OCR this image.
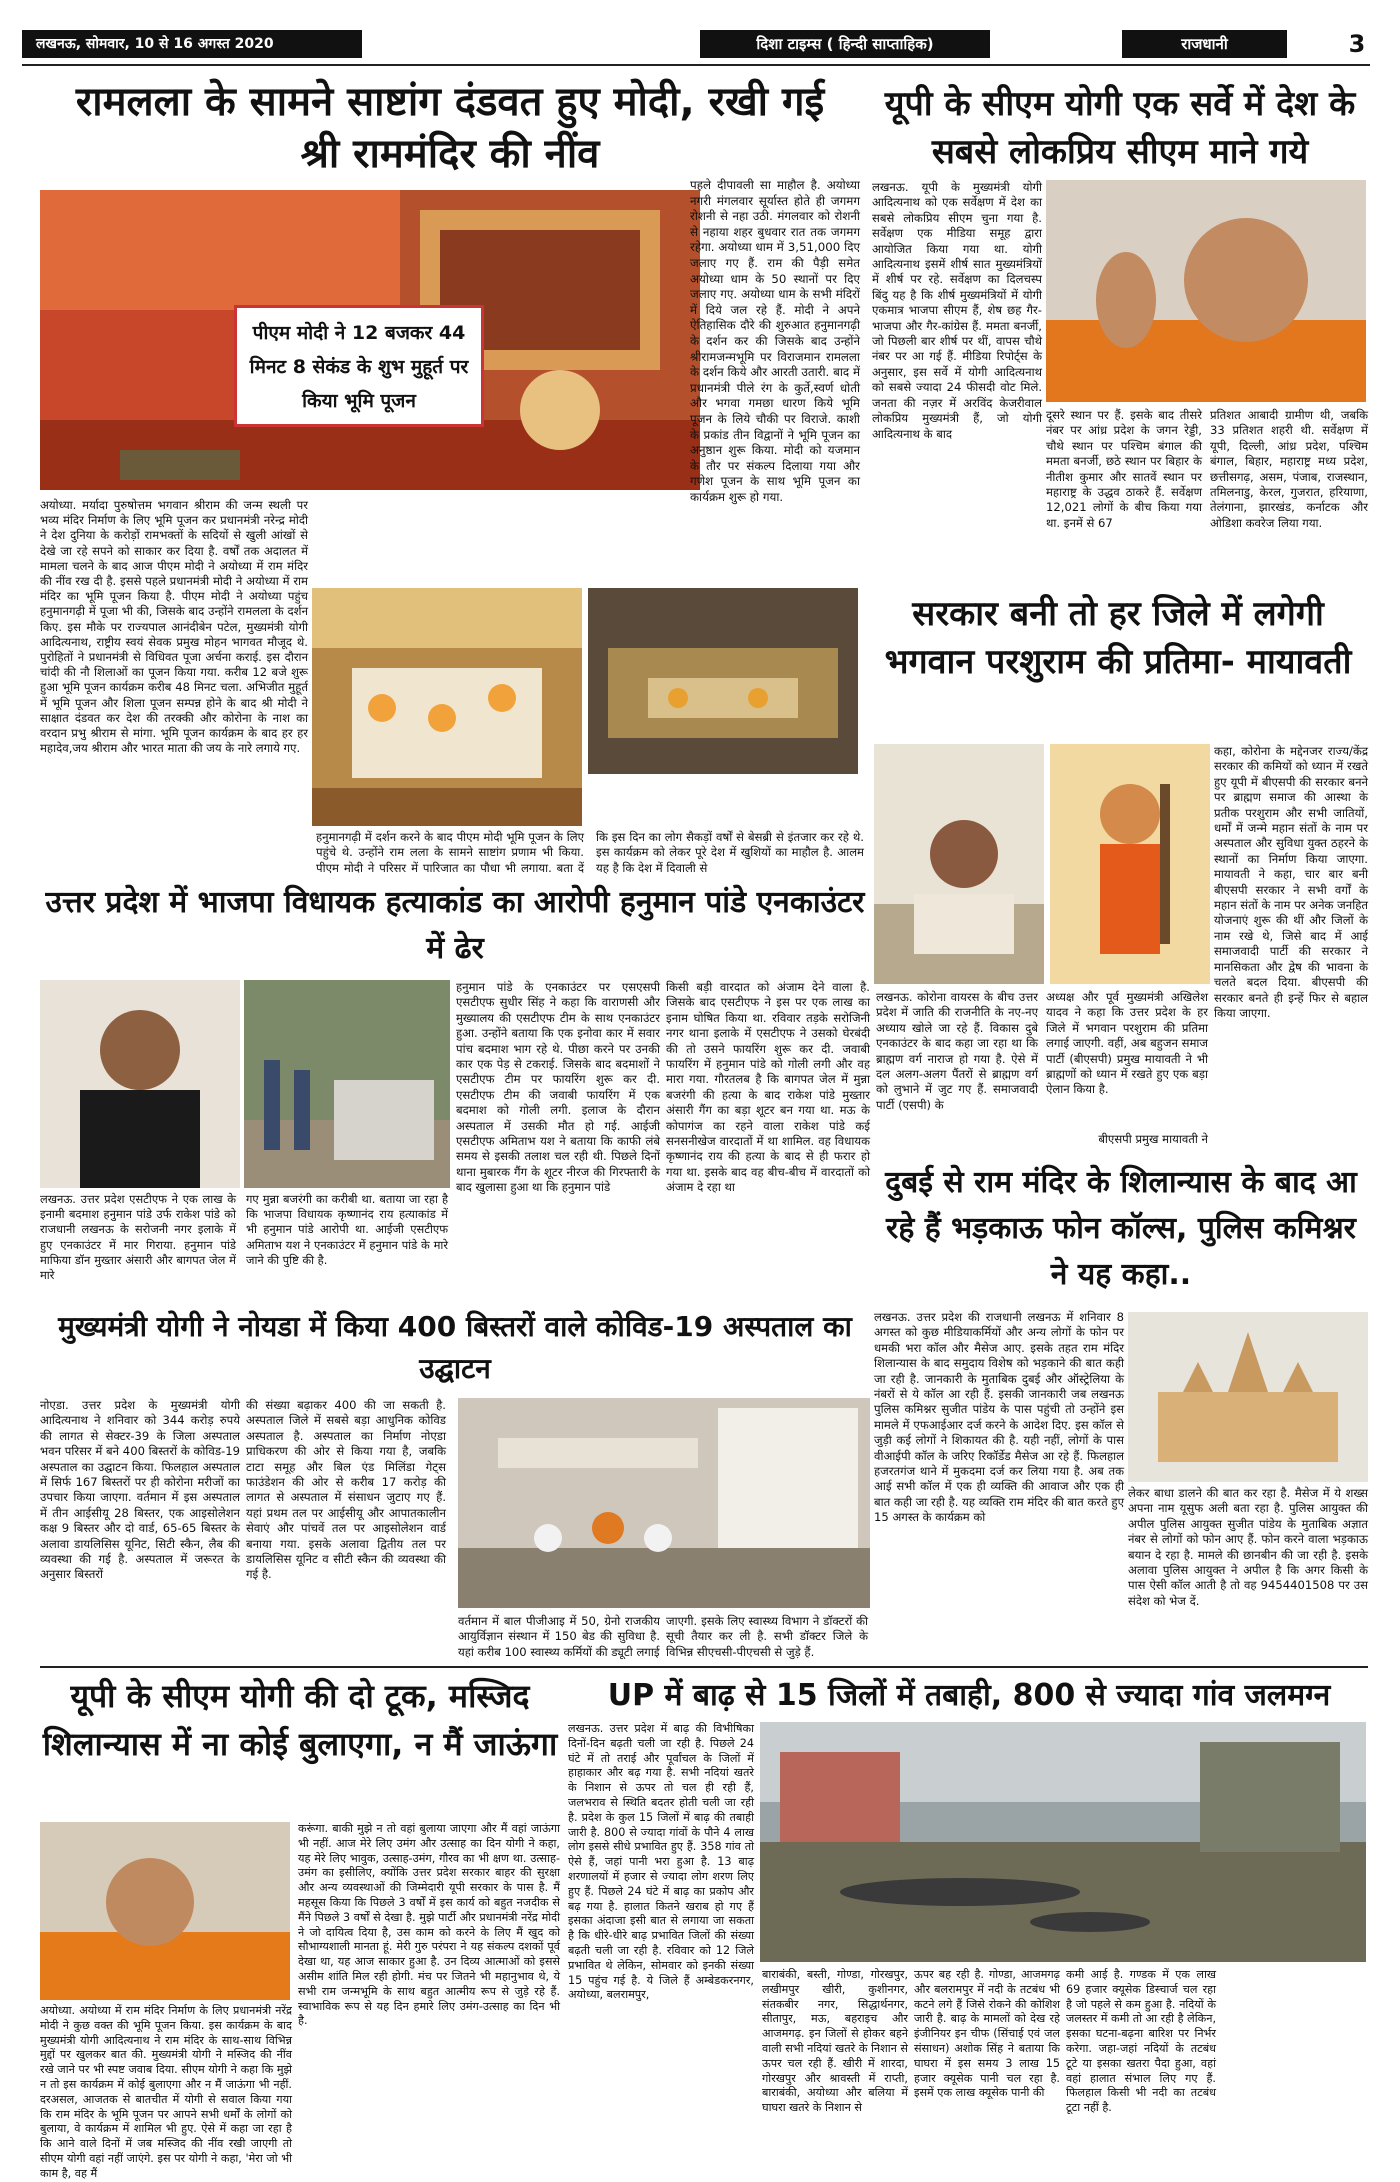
लखनऊ, सोमवार, 10 से 16 अगस्त 2020	दिशा टाइम्स ( हिन्दी साप्ताहिक)	राजधानी	3
रामलला के सामने साष्टांग दंडवत हुए मोदी, रखी गई श्री राममंदिर की नींव
पीएम मोदी ने 12 बजकर 44 मिनट 8 सेकंड के शुभ मुहूर्त पर किया भूमि पूजन
पहले दीपावली सा माहौल है. अयोध्या नगरी मंगलवार सूर्यास्त होते ही जगमग रोशनी से नहा उठी. मंगलवार को रोशनी से नहाया शहर बुधवार रात तक जगमग रहेगा. अयोध्या धाम में 3,51,000 दिए जलाए गए हैं. राम की पैड़ी समेत अयोध्या धाम के 50 स्थानों पर दिए जलाए गए. अयोध्या धाम के सभी मंदिरों में दिये जल रहे हैं. मोदी ने अपने ऐतिहासिक दौरे की शुरुआत हनुमानगढ़ी के दर्शन कर की जिसके बाद उन्होंने श्रीरामजन्मभूमि पर विराजमान रामलला के दर्शन किये और आरती उतारी. बाद में प्रधानमंत्री पीले रंग के कुर्ते,स्वर्ण धोती और भगवा गमछा धारण किये भूमि पूजन के लिये चौकी पर विराजे. काशी के प्रकांड तीन विद्वानों ने भूमि पूजन का अनुष्ठान शुरू किया. मोदी को यजमान के तौर पर संकल्प दिलाया गया और गणेश पूजन के साथ भूमि पूजन का कार्यक्रम शुरू हो गया.
अयोध्या. मर्यादा पुरुषोत्तम भगवान श्रीराम की जन्म स्थली पर भव्य मंदिर निर्माण के लिए भूमि पूजन कर प्रधानमंत्री नरेन्द्र मोदी ने देश दुनिया के करोड़ों रामभक्तों के सदियों से खुली आंखों से देखे जा रहे सपने को साकार कर दिया है. वर्षों तक अदालत में मामला चलने के बाद आज पीएम मोदी ने अयोध्या में राम मंदिर की नींव रख दी है. इससे पहले प्रधानमंत्री मोदी ने अयोध्या में राम मंदिर का भूमि पूजन किया है. पीएम मोदी ने अयोध्या पहुंच हनुमानगढ़ी में पूजा भी की, जिसके बाद उन्होंने रामलला के दर्शन किए. इस मौके पर राज्यपाल आनंदीबेन पटेल, मुख्यमंत्री योगी आदित्यनाथ, राष्ट्रीय स्वयं सेवक प्रमुख मोहन भागवत मौजूद थे. पुरोहितों ने प्रधानमंत्री से विधिवत पूजा अर्चना कराई. इस दौरान चांदी की नौ शिलाओं का पूजन किया गया. करीब 12 बजे शुरू हुआ भूमि पूजन कार्यक्रम करीब 48 मिनट चला. अभिजीत मुहूर्त में भूमि पूजन और शिला पूजन सम्पन्न होने के बाद श्री मोदी ने साक्षात दंडवत कर देश की तरक्की और कोरोना के नाश का वरदान प्रभु श्रीराम से मांगा. भूमि पूजन कार्यक्रम के बाद हर हर महादेव,जय श्रीराम और भारत माता की जय के नारे लगाये गए.
हनुमानगढ़ी में दर्शन करने के बाद पीएम मोदी भूमि पूजन के लिए पहुंचे थे. उन्होंने राम लला के सामने साष्टांग प्रणाम भी किया. पीएम मोदी ने परिसर में पारिजात का पौधा भी लगाया. बता दें कि इस दिन का लोग सैकड़ों वर्षों से बेसब्री से इंतजार कर रहे थे. इस कार्यक्रम को लेकर पूरे देश में खुशियों का माहौल है. आलम यह है कि देश में दिवाली से
यूपी के सीएम योगी एक सर्वे में देश के सबसे लोकप्रिय सीएम माने गये
लखनऊ. यूपी के मुख्यमंत्री योगी आदित्यनाथ को एक सर्वेक्षण में देश का सबसे लोकप्रिय सीएम चुना गया है. सर्वेक्षण एक मीडिया समूह द्वारा आयोजित किया गया था. योगी आदित्यनाथ इसमें शीर्ष सात मुख्यमंत्रियों में शीर्ष पर रहे. सर्वेक्षण का दिलचस्प बिंदु यह है कि शीर्ष मुख्यमंत्रियों में योगी एकमात्र भाजपा सीएम हैं, शेष छह गैर-भाजपा और गैर-कांग्रेस हैं. ममता बनर्जी, जो पिछली बार शीर्ष पर थीं, वापस चौथे नंबर पर आ गई हैं. मीडिया रिपोर्ट्स के अनुसार, इस सर्वे में योगी आदित्यनाथ को सबसे ज्यादा 24 फीसदी वोट मिले. जनता की नज़र में अरविंद केजरीवाल लोकप्रिय मुख्यमंत्री हैं, जो योगी आदित्यनाथ के बाद
दूसरे स्थान पर हैं. इसके बाद तीसरे नंबर पर आंध्र प्रदेश के जगन रेड्डी, चौथे स्थान पर पश्चिम बंगाल की ममता बनर्जी, छठे स्थान पर बिहार के नीतीश कुमार और सातवें स्थान पर महाराष्ट्र के उद्धव ठाकरे हैं. सर्वेक्षण 12,021 लोगों के बीच किया गया था. इनमें से 67
प्रतिशत आबादी ग्रामीण थी, जबकि 33 प्रतिशत शहरी थी. सर्वेक्षण में यूपी, दिल्ली, आंध्र प्रदेश, पश्चिम बंगाल, बिहार, महाराष्ट्र मध्य प्रदेश, छत्तीसगढ़, असम, पंजाब, राजस्थान, तमिलनाडु, केरल, गुजरात, हरियाणा, तेलंगाना, झारखंड, कर्नाटक और ओडिशा कवरेज लिया गया.
सरकार बनी तो हर जिले में लगेगी भगवान परशुराम की प्रतिमा- मायावती
कहा, कोरोना के मद्देनजर राज्य/केंद्र सरकार की कमियों को ध्यान में रखते हुए यूपी में बीएसपी की सरकार बनने पर ब्राह्मण समाज की आस्था के प्रतीक परशुराम और सभी जातियों, धर्मों में जन्मे महान संतों के नाम पर अस्पताल और सुविधा युक्त ठहरने के स्थानों का निर्माण किया जाएगा. मायावती ने कहा, चार बार बनी बीएसपी सरकार ने सभी वर्गों के महान संतों के नाम पर अनेक जनहित योजनाएं शुरू की थीं और जिलों के नाम रखे थे, जिसे बाद में आई समाजवादी पार्टी की सरकार ने मानसिकता और द्वेष की भावना के चलते बदल दिया. बीएसपी की सरकार बनते ही इन्हें फिर से बहाल किया जाएगा.
लखनऊ. कोरोना वायरस के बीच उत्तर प्रदेश में जाति की राजनीति के नए-नए अध्याय खोले जा रहे हैं. विकास दुबे एनकाउंटर के बाद कहा जा रहा था कि ब्राह्मण वर्ग नाराज हो गया है. ऐसे में दल अलग-अलग पैंतरों से ब्राह्मण वर्ग को लुभाने में जुट गए हैं. समाजवादी पार्टी (एसपी) के
अध्यक्ष और पूर्व मुख्यमंत्री अखिलेश यादव ने कहा कि उत्तर प्रदेश के हर जिले में भगवान परशुराम की प्रतिमा लगाई जाएगी. वहीं, अब बहुजन समाज पार्टी (बीएसपी) प्रमुख मायावती ने भी ब्राह्मणों को ध्यान में रखते हुए एक बड़ा ऐलान किया है.
बीएसपी प्रमुख मायावती ने
उत्तर प्रदेश में भाजपा विधायक हत्याकांड का आरोपी हनुमान पांडे एनकाउंटर में ढेर
लखनऊ. उत्तर प्रदेश एसटीएफ ने एक लाख के इनामी बदमाश हनुमान पांडे उर्फ राकेश पांडे को राजधानी लखनऊ के सरोजनी नगर इलाके में हुए एनकाउंटर में मार गिराया. हनुमान पांडे माफिया डॉन मुख्तार अंसारी और बागपत जेल में मारे
गए मुन्ना बजरंगी का करीबी था. बताया जा रहा है कि भाजपा विधायक कृष्णानंद राय हत्याकांड में भी हनुमान पांडे आरोपी था. आईजी एसटीएफ अमिताभ यश ने एनकाउंटर में हनुमान पांडे के मारे जाने की पुष्टि की है.
हनुमान पांडे के एनकाउंटर पर एसएसपी एसटीएफ सुधीर सिंह ने कहा कि वाराणसी और मुख्यालय की एसटीएफ टीम के साथ एनकाउंटर हुआ. उन्होंने बताया कि एक इनोवा कार में सवार पांच बदमाश भाग रहे थे. पीछा करने पर उनकी कार एक पेड़ से टकराई. जिसके बाद बदमाशों ने एसटीएफ टीम पर फायरिंग शुरू कर दी. एसटीएफ टीम की जवाबी फायरिंग में एक बदमाश को गोली लगी. इलाज के दौरान अस्पताल में उसकी मौत हो गई. आईजी एसटीएफ अमिताभ यश ने बताया कि काफी लंबे समय से इसकी तलाश चल रही थी. पिछले दिनों थाना मुबारक गैंग के शूटर नीरज की गिरफ्तारी के बाद खुलासा हुआ था कि हनुमान पांडे
किसी बड़ी वारदात को अंजाम देने वाला है. जिसके बाद एसटीएफ ने इस पर एक लाख का इनाम घोषित किया था. रविवार तड़के सरोजिनी नगर थाना इलाके में एसटीएफ ने उसको घेरबंदी की तो उसने फायरिंग शुरू कर दी. जवाबी फायरिंग में हनुमान पांडे को गोली लगी और वह मारा गया. गौरतलब है कि बागपत जेल में मुन्ना बजरंगी की हत्या के बाद राकेश पांडे मुख्तार अंसारी गैंग का बड़ा शूटर बन गया था. मऊ के कोपागंज का रहने वाला राकेश पांडे कई सनसनीखेज वारदातों में था शामिल. वह विधायक कृष्णानंद राय की हत्या के बाद से ही फरार हो गया था. इसके बाद वह बीच-बीच में वारदातों को अंजाम दे रहा था	दुबई से राम मंदिर के शिलान्यास के बाद आ रहे हैं भड़काऊ फोन कॉल्स, पुलिस कमिश्नर ने यह कहा..
लखनऊ. उत्तर प्रदेश की राजधानी लखनऊ में शनिवार 8 अगस्त को कुछ मीडियाकर्मियों और अन्य लोगों के फोन पर धमकी भरा कॉल और मैसेज आए. इसके तहत राम मंदिर शिलान्यास के बाद समुदाय विशेष को भड़काने की बात कही जा रही है. जानकारी के मुताबिक दुबई और ऑस्ट्रेलिया के नंबरों से ये कॉल आ रही हैं. इसकी जानकारी जब लखनऊ पुलिस कमिश्नर सुजीत पांडेय के पास पहुंची तो उन्होंने इस मामले में एफआईआर दर्ज करने के आदेश दिए. इस कॉल से जुड़ी कई लोगों ने शिकायत की है. यही नहीं, लोगों के पास वीआईपी कॉल के जरिए रिकॉर्डेड मैसेज आ रहे हैं. फिलहाल हजरतगंज थाने में मुकदमा दर्ज कर लिया गया है. अब तक आई सभी कॉल में एक ही व्यक्ति की आवाज और एक ही बात कही जा रही है. यह व्यक्ति राम मंदिर की बात करते हुए 15 अगस्त के कार्यक्रम को
लेकर बाधा डालने की बात कर रहा है. मैसेज में ये शख्स अपना नाम यूसुफ अली बता रहा है. पुलिस आयुक्त की अपील पुलिस आयुक्त सुजीत पांडेय के मुताबिक अज्ञात नंबर से लोगों को फोन आए हैं. फोन करने वाला भड़काऊ बयान दे रहा है. मामले की छानबीन की जा रही है. इसके अलावा पुलिस आयुक्त ने अपील है कि अगर किसी के पास ऐसी कॉल आती है तो वह 9454401508 पर उस संदेश को भेज दें.
मुख्यमंत्री योगी ने नोयडा में किया 400 बिस्तरों वाले कोविड-19 अस्पताल का उद्घाटन
नोएडा. उत्तर प्रदेश के मुख्यमंत्री योगी आदित्यनाथ ने शनिवार को 344 करोड़ रुपये की लागत से सेक्टर-39 के जिला अस्पताल भवन परिसर में बने 400 बिस्तरों के कोविड-19 अस्पताल का उद्घाटन किया. फिलहाल अस्पताल में सिर्फ 167 बिस्तरों पर ही कोरोना मरीजों का उपचार किया जाएगा. वर्तमान में इस अस्पताल में तीन आईसीयू 28 बिस्तर, एक आइसोलेशन कक्ष 9 बिस्तर और दो वार्ड, 65-65 बिस्तर के अलावा डायलिसिस यूनिट, सिटी स्कैन, लैब की व्यवस्था की गई है. अस्पताल में जरूरत के अनुसार बिस्तरों
की संख्या बढ़ाकर 400 की जा सकती है. अस्पताल जिले में सबसे बड़ा आधुनिक कोविड अस्पताल है. अस्पताल का निर्माण नोएडा प्राधिकरण की ओर से किया गया है, जबकि टाटा समूह और बिल एंड मिलिंडा गेट्स फाउंडेशन की ओर से करीब 17 करोड़ की लागत से अस्पताल में संसाधन जुटाए गए हैं. यहां प्रथम तल पर आईसीयू और आपातकालीन सेवाएं और पांचवें तल पर आइसोलेशन वार्ड बनाया गया. इसके अलावा द्वितीय तल पर डायलिसिस यूनिट व सीटी स्कैन की व्यवस्था की गई है.
वर्तमान में बाल पीजीआइ में 50, ग्रेनो राजकीय आयुर्विज्ञान संस्थान में 150 बेड की सुविधा है. यहां करीब 100 स्वास्थ्य कर्मियों की ड्यूटी लगाई
जाएगी. इसके लिए स्वास्थ्य विभाग ने डॉक्टरों की सूची तैयार कर ली है. सभी डॉक्टर जिले के विभिन्न सीएचसी-पीएचसी से जुड़े हैं.
यूपी के सीएम योगी की दो टूक, मस्जिद शिलान्यास में ना कोई बुलाएगा, न मैं जाऊंगा
अयोध्या. अयोध्या में राम मंदिर निर्माण के लिए प्रधानमंत्री नरेंद्र मोदी ने कुछ वक्त की भूमि पूजन किया. इस कार्यक्रम के बाद मुख्यमंत्री योगी आदित्यनाथ ने राम मंदिर के साथ-साथ विभिन्न मुद्दों पर खुलकर बात की. मुख्यमंत्री योगी ने मस्जिद की नींव रखे जाने पर भी स्पष्ट जवाब दिया. सीएम योगी ने कहा कि मुझे न तो इस कार्यक्रम में कोई बुलाएगा और न मैं जाऊंगा भी नहीं. दरअसल, आजतक से बातचीत में योगी से सवाल किया गया कि राम मंदिर के भूमि पूजन पर आपने सभी धर्मों के लोगों को बुलाया, वे कार्यक्रम में शामिल भी हुए. ऐसे में कहा जा रहा है कि आने वाले दिनों में जब मस्जिद की नींव रखी जाएगी तो सीएम योगी वहां नहीं जाएंगे. इस पर योगी ने कहा, 'मेरा जो भी काम है, वह मैं
करूंगा. बाकी मुझे न तो वहां बुलाया जाएगा और मैं वहां जाऊंगा भी नहीं. आज मेरे लिए उमंग और उत्साह का दिन योगी ने कहा, यह मेरे लिए भावुक, उत्साह-उमंग, गौरव का भी क्षण था. उत्साह-उमंग का इसीलिए, क्योंकि उत्तर प्रदेश सरकार बाहर की सुरक्षा और अन्य व्यवस्थाओं की जिम्मेदारी यूपी सरकार के पास है. मैं महसूस किया कि पिछले 3 वर्षों में इस कार्य को बहुत नजदीक से मैंने पिछले 3 वर्षों से देखा है. मुझे पार्टी और प्रधानमंत्री नरेंद्र मोदी ने जो दायित्व दिया है, उस काम को करने के लिए मैं खुद को सौभाग्यशाली मानता हूं. मेरी गुरु परंपरा ने यह संकल्प दशकों पूर्व देखा था, यह आज साकार हुआ है. उन दिव्य आत्माओं को इससे असीम शांति मिल रही होगी. मंच पर जितने भी महानुभाव थे, ये सभी राम जन्मभूमि के साथ बहुत आत्मीय रूप से जुड़े रहे हैं. स्वाभाविक रूप से यह दिन हमारे लिए उमंग-उत्साह का दिन भी है.
UP में बाढ़ से 15 जिलों में तबाही, 800 से ज्यादा गांव जलमग्न
लखनऊ. उत्तर प्रदेश में बाढ़ की विभीषिका दिनों-दिन बढ़ती चली जा रही है. पिछले 24 घंटे में तो तराई और पूर्वांचल के जिलों में हाहाकार और बढ़ गया है. सभी नदियां खतरे के निशान से ऊपर तो चल ही रही हैं, जलभराव से स्थिति बदतर होती चली जा रही है. प्रदेश के कुल 15 जिलों में बाढ़ की तबाही जारी है. 800 से ज्यादा गांवों के पौने 4 लाख लोग इससे सीधे प्रभावित हुए हैं. 358 गांव तो ऐसे हैं, जहां पानी भरा हुआ है. 13 बाढ़ शरणालयों में हजार से ज्यादा लोग शरण लिए हुए हैं. पिछले 24 घंटे में बाढ़ का प्रकोप और बढ़ गया है. हालात कितने खराब हो गए हैं इसका अंदाजा इसी बात से लगाया जा सकता है कि धीरे-धीरे बाढ़ प्रभावित जिलों की संख्या बढ़ती चली जा रही है. रविवार को 12 जिले प्रभावित थे लेकिन, सोमवार को इनकी संख्या 15 पहुंच गई है. ये जिले हैं अम्बेडकरनगर, अयोध्या, बलरामपुर,
बाराबंकी, बस्ती, गोण्डा, गोरखपुर, लखीमपुर खीरी, कुशीनगर, संतकबीर नगर, सिद्धार्थनगर, सीतापुर, मऊ, बहराइच और आजमगढ़. इन जिलों से होकर बहने वाली सभी नदियां खतरे के निशान से ऊपर चल रही हैं. खीरी में शारदा, गोरखपुर और श्रावस्ती में राप्ती, बाराबंकी, अयोध्या और बलिया में घाघरा खतरे के निशान से
ऊपर बह रही है. गोण्डा, आजमगढ़ और बलरामपुर में नदी के तटबंध भी कटने लगे हैं जिसे रोकने की कोशिश जारी है. बाढ़ के मामलों को देख रहे इंजीनियर इन चीफ (सिंचाई एवं जल संसाधन) अशोक सिंह ने बताया कि घाघरा में इस समय 3 लाख 15 हजार क्यूसेक पानी चल रहा है. इसमें एक लाख क्यूसेक पानी की
कमी आई है. गण्डक में एक लाख 69 हजार क्यूसेक डिस्चार्ज चल रहा है जो पहले से कम हुआ है. नदियों के जलस्तर में कमी तो आ रही है लेकिन, इसका घटना-बढ़ना बारिश पर निर्भर करेगा. जहा-जहां नदियों के तटबंध टूटे या इसका खतरा पैदा हुआ, वहां वहां हालात संभाल लिए गए हैं. फिलहाल किसी भी नदी का तटबंध टूटा नहीं है.
